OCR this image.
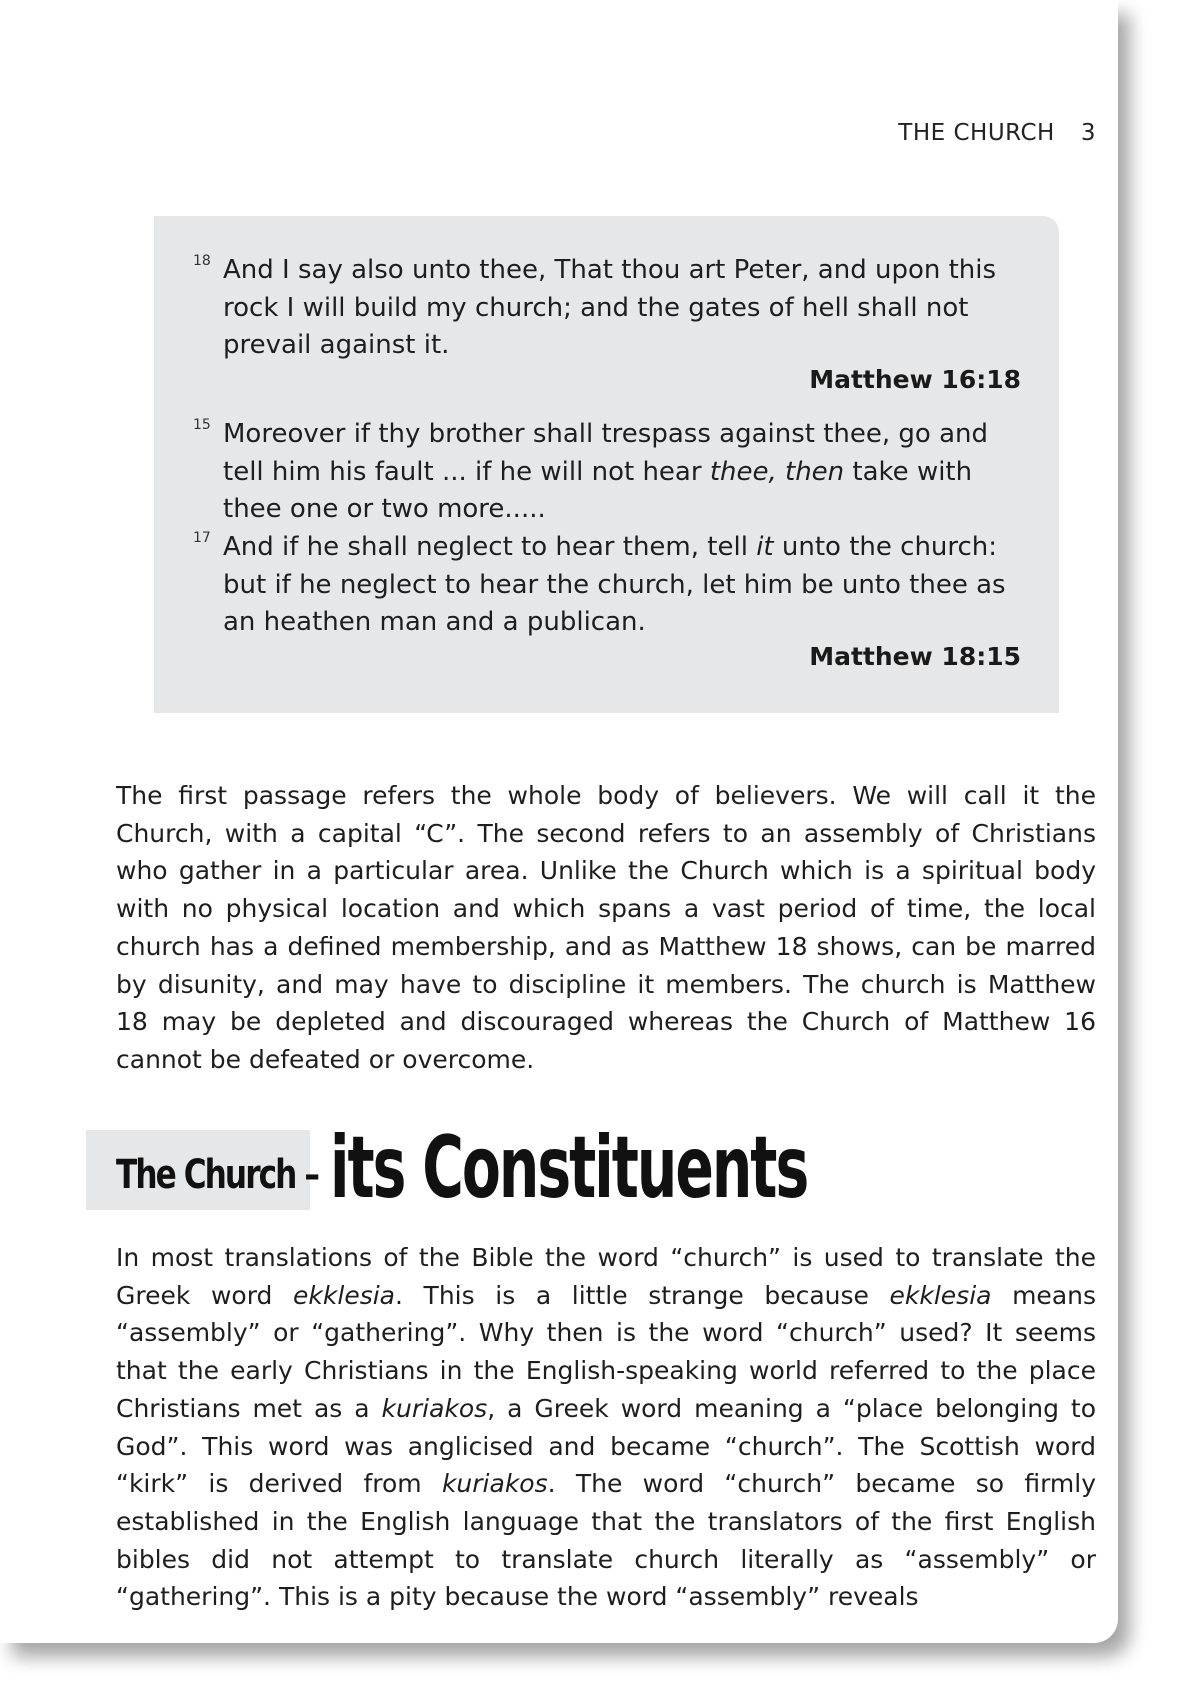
THE CHURCH 3
18 And I say also unto thee, That thou art Peter, and upon this rock I will build my church; and the gates of hell shall not prevail against it.
Matthew 16:18
15 Moreover if thy brother shall trespass against thee, go and tell him his fault ... if he will not hear thee, then take with thee one or two more.....
17 And if he shall neglect to hear them, tell it unto the church: but if he neglect to hear the church, let him be unto thee as an heathen man and a publican.
Matthew 18:15
The first passage refers the whole body of believers. We will call it the Church, with a capital “C”. The second refers to an assembly of Christians who gather in a particular area. Unlike the Church which is a spiritual body with no physical location and which spans a vast period of time, the local church has a defined membership, and as Matthew 18 shows, can be marred by disunity, and may have to discipline it members. The church is Matthew 18 may be depleted and discouraged whereas the Church of Matthew 16 cannot be defeated or overcome.
The Church – its Constituents
In most translations of the Bible the word “church” is used to translate the Greek word ekklesia. This is a little strange because ekklesia means “assembly” or “gathering”. Why then is the word “church” used? It seems that the early Christians in the English-speaking world referred to the place Christians met as a kuriakos, a Greek word meaning a “place belonging to God”. This word was anglicised and became “church”. The Scottish word “kirk” is derived from kuriakos. The word “church” became so firmly established in the English language that the translators of the first English bibles did not attempt to translate church literally as “assembly” or “gathering”. This is a pity because the word “assembly” reveals
